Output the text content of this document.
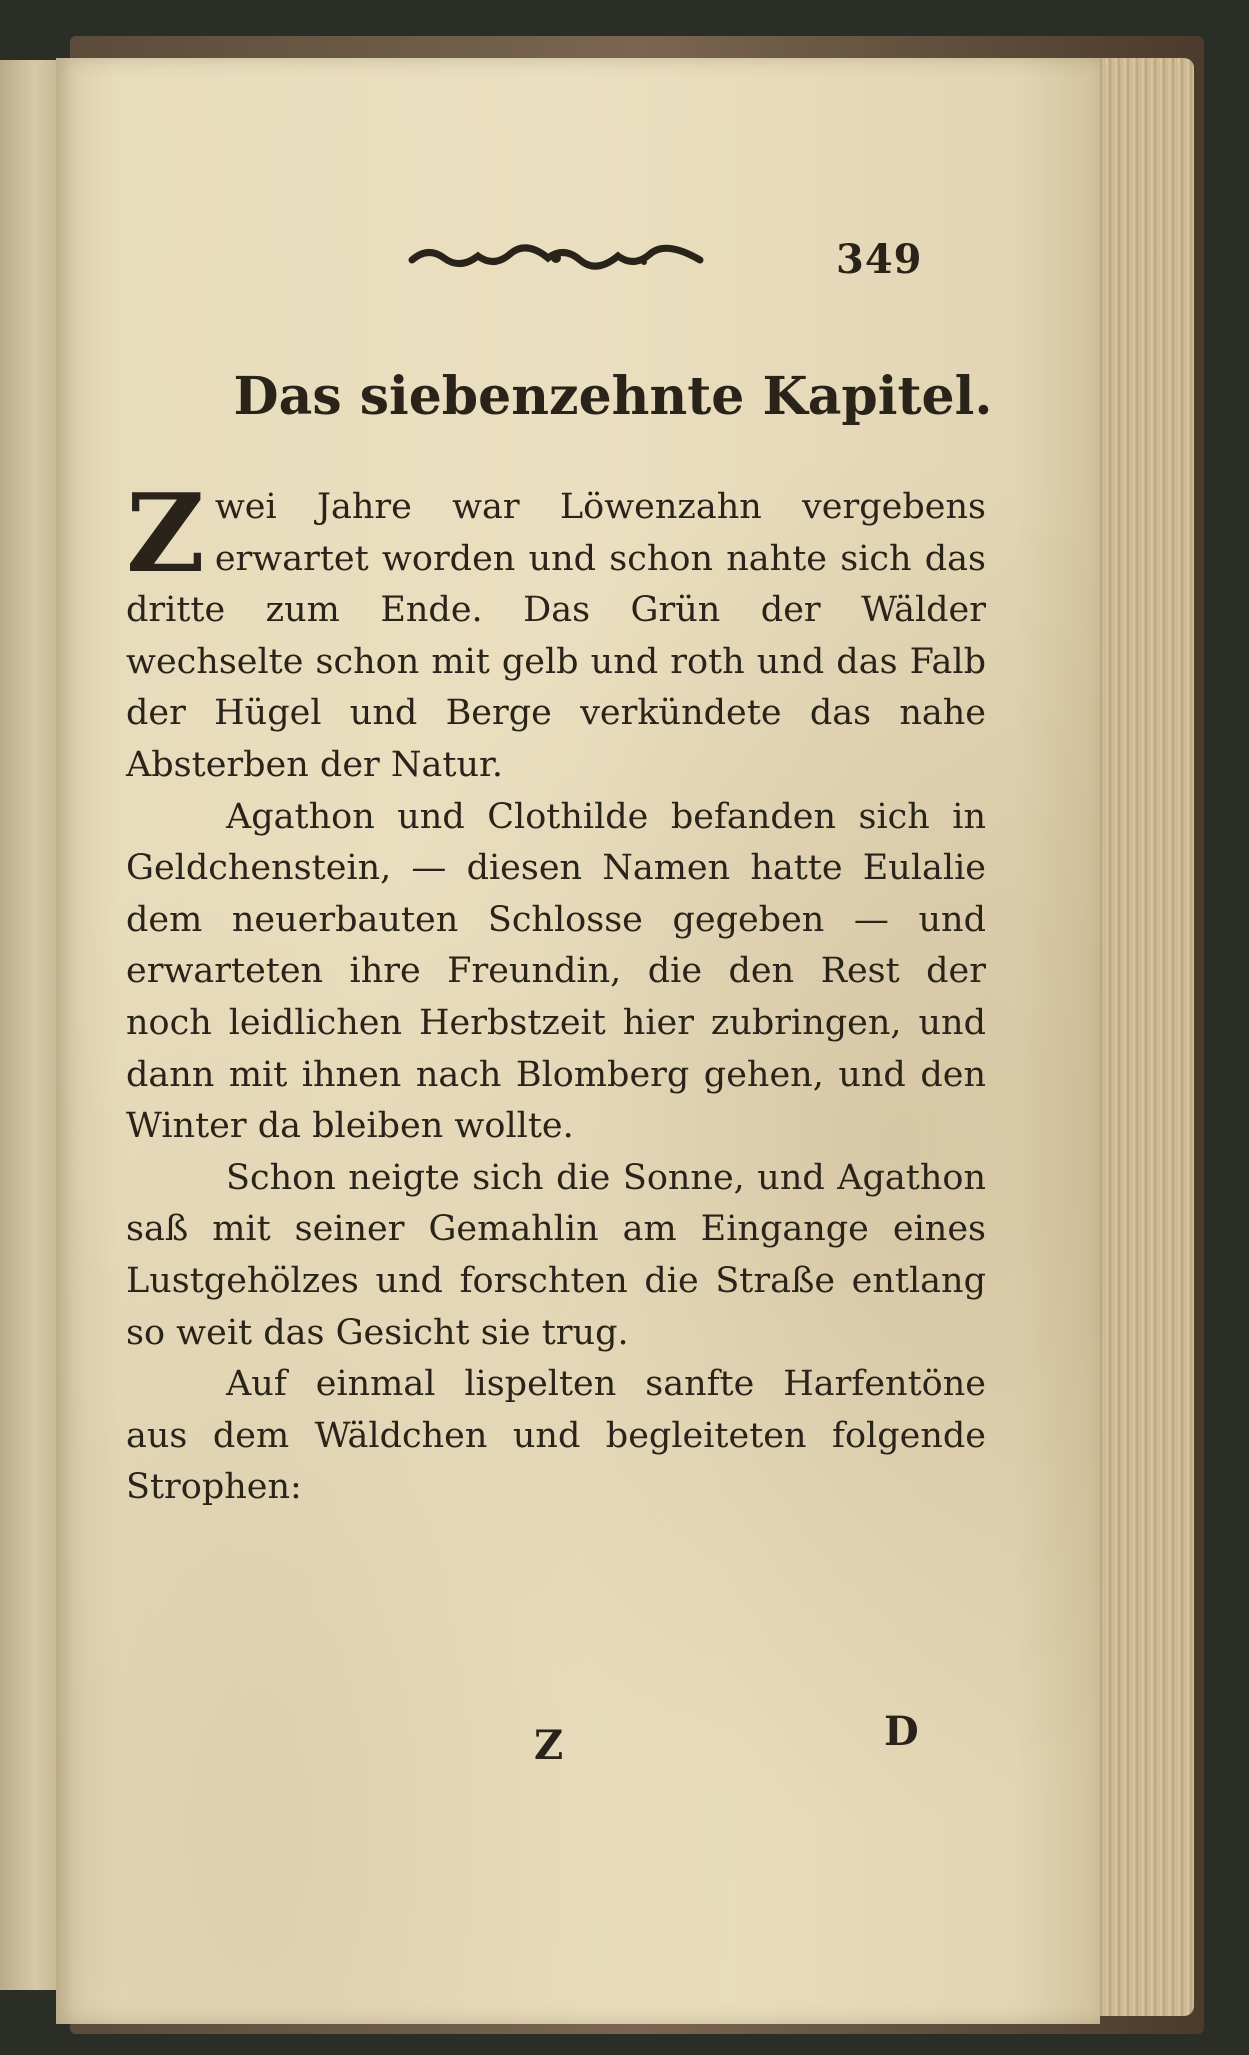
349
Das siebenzehnte Kapitel.

Zwei Jahre war Löwenzahn vergebens erwartet worden und schon nahte sich das dritte zum Ende. Das Grün der Wälder wechselte schon mit gelb und roth und das Falb der Hügel und Berge verkündete das nahe Absterben der Natur.

Agathon und Clothilde befanden sich in Geldchenstein, — diesen Namen hatte Eulalie dem neuerbauten Schlosse gegeben — und erwarteten ihre Freundin, die den Rest der noch leidlichen Herbstzeit hier zubringen, und dann mit ihnen nach Blomberg gehen, und den Winter da bleiben wollte.

Schon neigte sich die Sonne, und Agathon saß mit seiner Gemahlin am Eingange eines Lustgehölzes und forschten die Straße entlang so weit das Gesicht sie trug.

Auf einmal lispelten sanfte Harfentöne aus dem Wäldchen und begleiteten folgende Strophen:

Z	D
